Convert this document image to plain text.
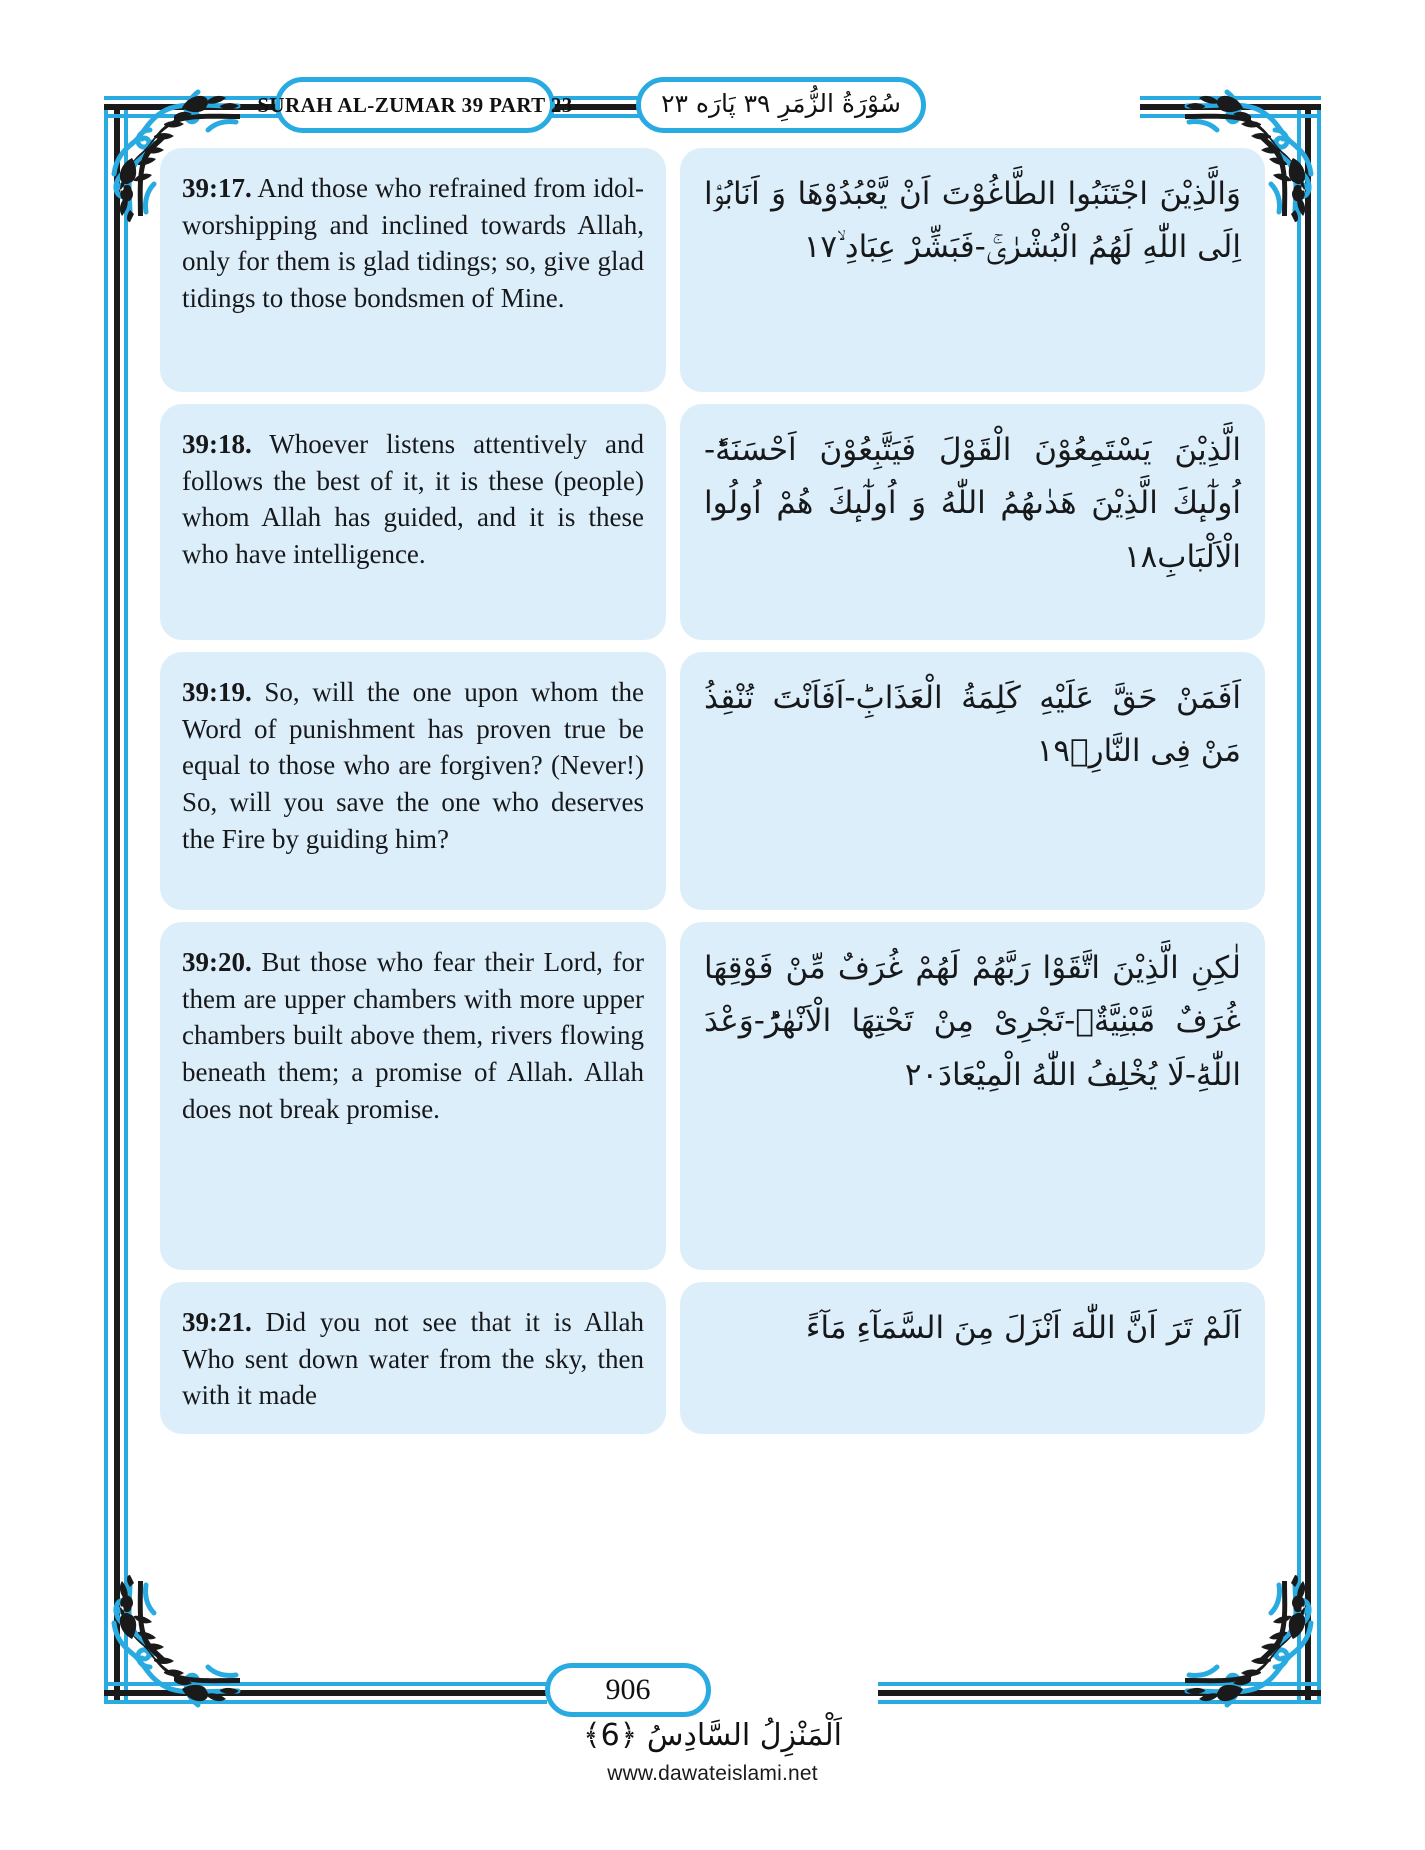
SURAH AL-ZUMAR 39 PART 23	سُوْرَةُ الزُّمَرِ ٣٩ پَارَه ٢٣
39:17. And those who refrained from idol-worshipping and inclined towards Allah, only for them is glad tidings; so, give glad tidings to those bondsmen of Mine.
وَالَّذِیْنَ اجْتَنَبُوا الطَّاغُوْتَ اَنْ یَّعْبُدُوْهَا وَ اَنَابُوْۤا اِلَى اللّٰهِ لَهُمُ الْبُشْرٰىۚ-فَبَشِّرْ عِبَادِ ۙ۱۷
39:18. Whoever listens attentively and follows the best of it, it is these (people) whom Allah has guided, and it is these who have intelligence.
الَّذِیْنَ یَسْتَمِعُوْنَ الْقَوْلَ فَیَتَّبِعُوْنَ اَحْسَنَهٗؕ-اُولٰٓىٕكَ الَّذِیْنَ هَدٰىهُمُ اللّٰهُ وَ اُولٰٓىٕكَ هُمْ اُولُوا الْاَلْبَابِ۱۸
39:19. So, will the one upon whom the Word of punishment has proven true be equal to those who are forgiven? (Never!) So, will you save the one who deserves the Fire by guiding him?
اَفَمَنْ حَقَّ عَلَیْهِ كَلِمَةُ الْعَذَابِؕ-اَفَاَنْتَ تُنْقِذُ مَنْ فِی النَّارِۚ۱۹
39:20. But those who fear their Lord, for them are upper chambers with more upper chambers built above them, rivers flowing beneath them; a promise of Allah. Allah does not break promise.
لٰكِنِ الَّذِیْنَ اتَّقَوْا رَبَّهُمْ لَهُمْ غُرَفٌ مِّنْ فَوْقِهَا غُرَفٌ مَّبْنِیَّةٌۙ-تَجْرِیْ مِنْ تَحْتِهَا الْاَنْهٰرُؕ-وَعْدَ اللّٰهِؕ-لَا یُخْلِفُ اللّٰهُ الْمِیْعَادَ۲۰
39:21. Did you not see that it is Allah Who sent down water from the sky, then with it made
اَلَمْ تَرَ اَنَّ اللّٰهَ اَنْزَلَ مِنَ السَّمَآءِ مَآءً
906
اَلْمَنْزِلُ السَّادِسُ ﴿6﴾
www.dawateislami.net
